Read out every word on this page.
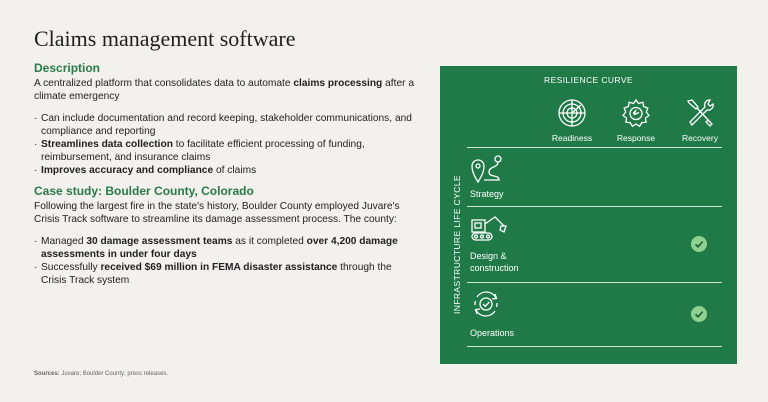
Claims management software
Description
A centralized platform that consolidates data to automate claims processing after a climate emergency
· Can include documentation and record keeping, stakeholder communications, and compliance and reporting
· Streamlines data collection to facilitate efficient processing of funding, reimbursement, and insurance claims
· Improves accuracy and compliance of claims
Case study: Boulder County, Colorado
Following the largest fire in the state's history, Boulder County employed Juvare's Crisis Track software to streamline its damage assessment process. The county:
· Managed 30 damage assessment teams as it completed over 4,200 damage assessments in under four days
· Successfully received $69 million in FEMA disaster assistance through the Crisis Track system
Sources: Juvare; Boulder County; press releases.
RESILIENCE CURVE
Readiness	Response	Recovery
INFRASTRUCTURE LIFE CYCLE Strategy
Design &
construction
Operations
